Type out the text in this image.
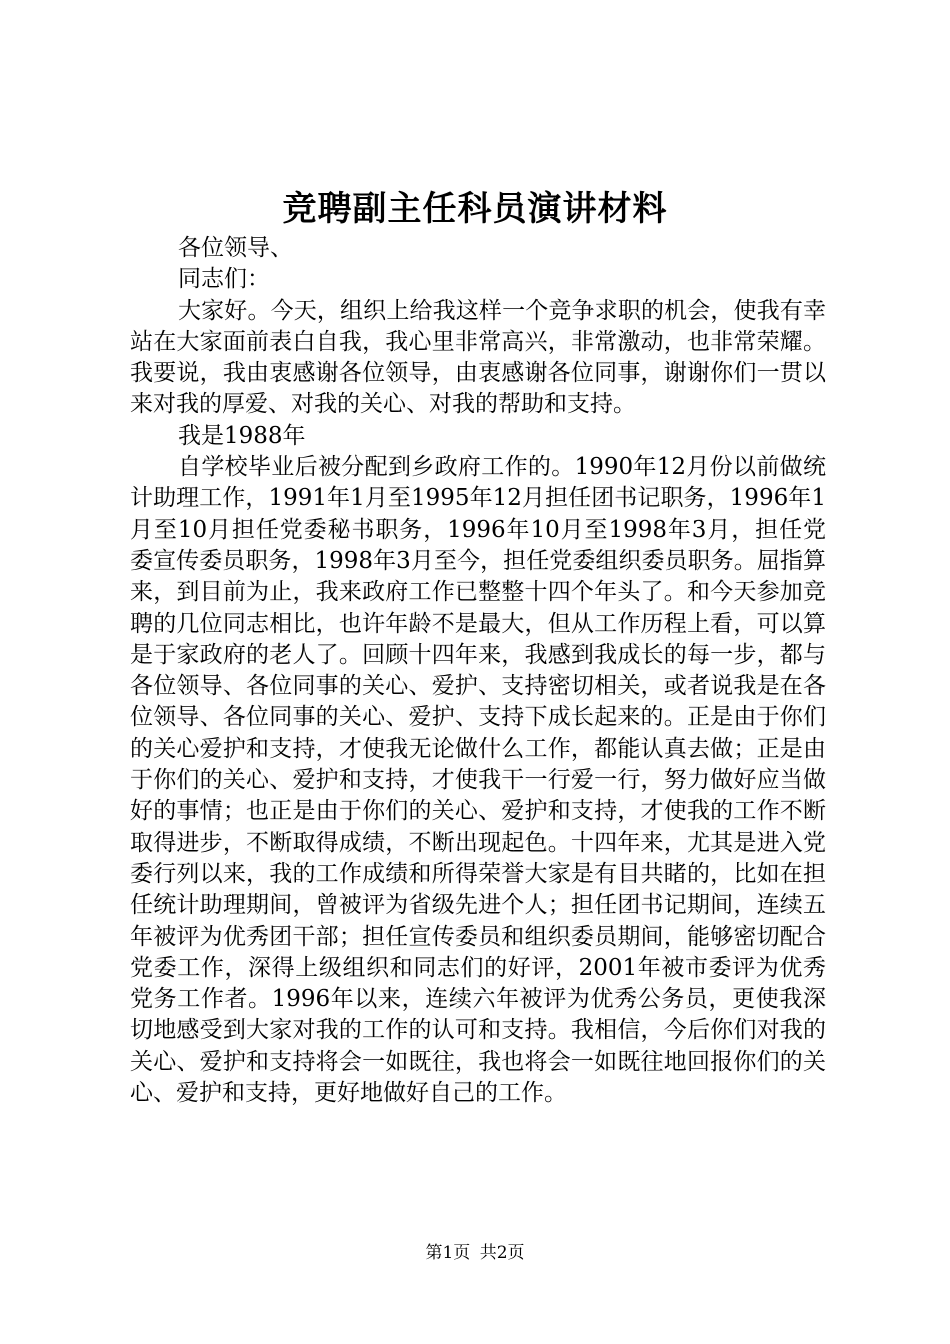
竞聘副主任科员演讲材料

各位领导、

同志们：

大家好。今天，组织上给我这样一个竞争求职的机会，使我有幸站在大家面前表白自我，我心里非常高兴，非常激动，也非常荣耀。我要说，我由衷感谢各位领导，由衷感谢各位同事，谢谢你们一贯以来对我的厚爱、对我的关心、对我的帮助和支持。

我是1988年

自学校毕业后被分配到乡政府工作的。1990年12月份以前做统计助理工作，1991年1月至1995年12月担任团书记职务，1996年1月至10月担任党委秘书职务，1996年10月至1998年3月，担任党委宣传委员职务，1998年3月至今，担任党委组织委员职务。屈指算来，到目前为止，我来政府工作已整整十四个年头了。和今天参加竞聘的几位同志相比，也许年龄不是最大，但从工作历程上看，可以算是于家政府的老人了。回顾十四年来，我感到我成长的每一步，都与各位领导、各位同事的关心、爱护、支持密切相关，或者说我是在各位领导、各位同事的关心、爱护、支持下成长起来的。正是由于你们的关心爱护和支持，才使我无论做什么工作，都能认真去做；正是由于你们的关心、爱护和支持，才使我干一行爱一行，努力做好应当做好的事情；也正是由于你们的关心、爱护和支持，才使我的工作不断取得进步，不断取得成绩，不断出现起色。十四年来，尤其是进入党委行列以来，我的工作成绩和所得荣誉大家是有目共睹的，比如在担任统计助理期间，曾被评为省级先进个人；担任团书记期间，连续五年被评为优秀团干部；担任宣传委员和组织委员期间，能够密切配合党委工作，深得上级组织和同志们的好评，2001年被市委评为优秀党务工作者。1996年以来，连续六年被评为优秀公务员，更使我深切地感受到大家对我的工作的认可和支持。我相信，今后你们对我的关心、爱护和支持将会一如既往，我也将会一如既往地回报你们的关心、爱护和支持，更好地做好自己的工作。

第1页 共2页
